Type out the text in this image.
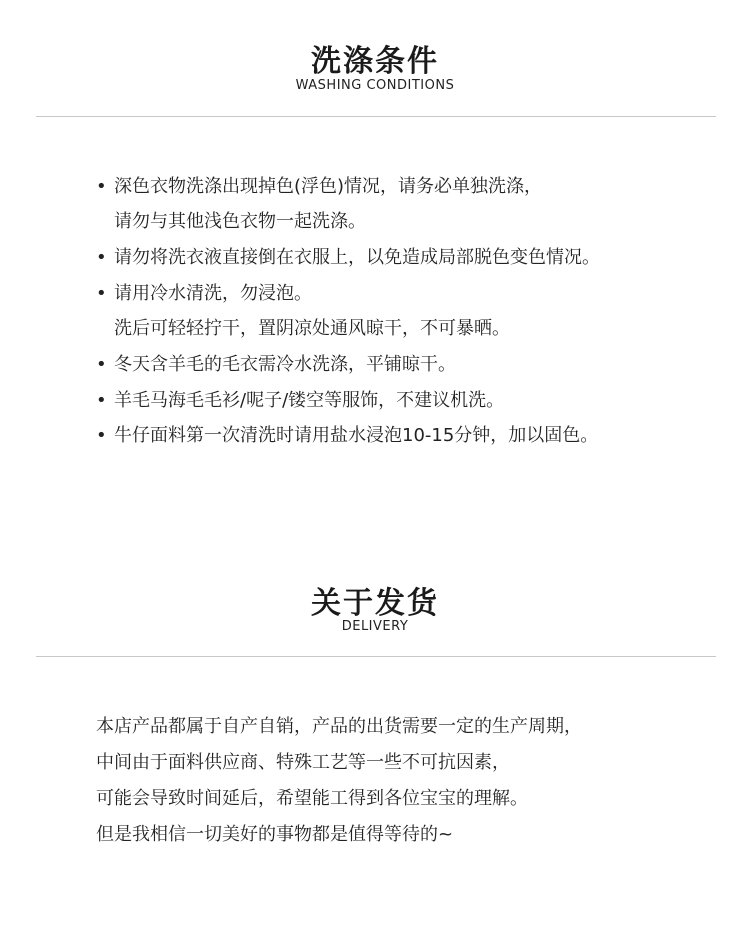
洗涤条件
WASHING CONDITIONS
• 深色衣物洗涤出现掉色(浮色)情况，请务必单独洗涤，
请勿与其他浅色衣物一起洗涤。
• 请勿将洗衣液直接倒在衣服上，以免造成局部脱色变色情况。
• 请用冷水清洗，勿浸泡。
洗后可轻轻拧干，置阴凉处通风晾干，不可暴晒。
• 冬天含羊毛的毛衣需冷水洗涤，平铺晾干。
• 羊毛马海毛毛衫/呢子/镂空等服饰，不建议机洗。
• 牛仔面料第一次清洗时请用盐水浸泡10-15分钟，加以固色。
关于发货
DELIVERY
本店产品都属于自产自销，产品的出货需要一定的生产周期，
中间由于面料供应商、特殊工艺等一些不可抗因素，
可能会导致时间延后，希望能工得到各位宝宝的理解。
但是我相信一切美好的事物都是值得等待的~
